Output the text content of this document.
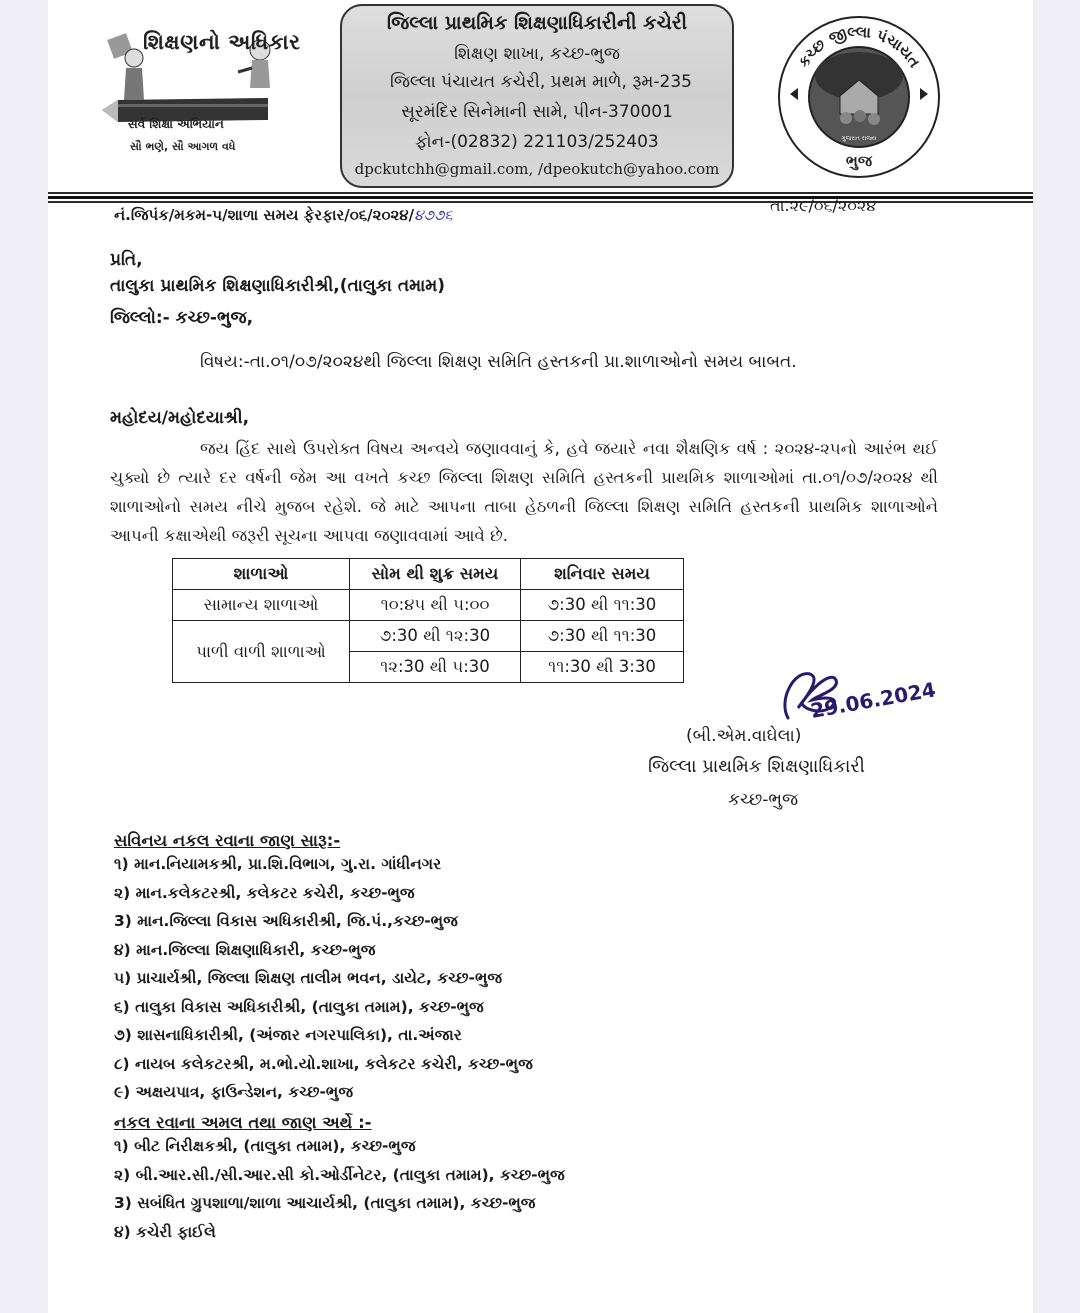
શિક્ષણનો અધિકાર
સર્વ શિક્ષા અભિયાન
સૌ ભણે, સૌ આગળ વધે
જિલ્લા પ્રાથમિક શિક્ષણાધિકારીની કચેરી
શિક્ષણ શાખા, કચ્છ-ભુજ
જિલ્લા પંચાયત કચેરી, પ્રથમ માળે, રૂમ-235
સૂરમંદિર સિનેમાની સામે, પીન-370001
ફોન-(02832) 221103/252403
dpckutchh@gmail.com, /dpeokutch@yahoo.com
કચ્છ જીલ્લા પંચાયત
ભુજ
ગુજરાત રાજ્ય
નં.જિપંક/મકમ-૫/શાળા સમય ફેરફાર/૦૬/૨૦૨૪/૪૭૭૬	તા.૨૯/૦૬/૨૦૨૪
પ્રતિ,
તાલુકા પ્રાથમિક શિક્ષણાધિકારીશ્રી,(તાલુકા તમામ)
જિલ્લો:- કચ્છ-ભુજ,
વિષય:-તા.૦૧/૦૭/૨૦૨૪થી જિલ્લા શિક્ષણ સમિતિ હસ્તકની પ્રા.શાળાઓનો સમય બાબત.
મહોદય/મહોદયાશ્રી,
જય હિંદ સાથે ઉપરોક્ત વિષય અન્વયે જણાવવાનું કે, હવે જયારે નવા શૈક્ષણિક વર્ષ : ૨૦૨૪-૨૫નો આરંભ થઈ ચુક્યો છે ત્યારે દર વર્ષની જેમ આ વખતે કચ્છ જિલ્લા શિક્ષણ સમિતિ હસ્તકની પ્રાથમિક શાળાઓમાં તા.૦૧/૦૭/૨૦૨૪ થી શાળાઓનો સમય નીચે મુજબ રહેશે. જે માટે આપના તાબા હેઠળની જિલ્લા શિક્ષણ સમિતિ હસ્તકની પ્રાથમિક શાળાઓને આપની કક્ષાએથી જરૂરી સૂચના આપવા જણાવવામાં આવે છે.
શાળાઓ	સોમ થી શુક્ર સમય	શનિવાર સમય
સામાન્ય શાળાઓ	૧૦:૪૫ થી ૫:૦૦	૭:30 થી ૧૧:30
પાળી વાળી શાળાઓ	૭:30 થી ૧૨:30	૭:30 થી ૧૧:30
	૧૨:30 થી ૫:30	૧૧:30 થી 3:30
29.06.2024
(બી.એમ.વાઘેલા)
જિલ્લા પ્રાથમિક શિક્ષણાધિકારી
કચ્છ-ભુજ
સવિનય નકલ રવાના જાણ સારૂ:-
૧) માન.નિયામકશ્રી, પ્રા.શિ.વિભાગ, ગુ.રા. ગાંધીનગર
૨) માન.કલેકટરશ્રી, કલેકટર કચેરી, કચ્છ-ભુજ
3) માન.જિલ્લા વિકાસ અધિકારીશ્રી, જિ.પં.,કચ્છ-ભુજ
૪) માન.જિલ્લા શિક્ષણાધિકારી, કચ્છ-ભુજ
૫) પ્રાચાર્યશ્રી, જિલ્લા શિક્ષણ તાલીમ ભવન, ડાયેટ, કચ્છ-ભુજ
૬) તાલુકા વિકાસ અધિકારીશ્રી, (તાલુકા તમામ), કચ્છ-ભુજ
૭) શાસનાધિકારીશ્રી, (અંજાર નગરપાલિકા), તા.અંજાર
૮) નાયબ કલેકટરશ્રી, મ.ભો.યો.શાખા, કલેકટર કચેરી, કચ્છ-ભુજ
૯) અક્ષયપાત્ર, ફાઉન્ડેશન, કચ્છ-ભુજ
નકલ રવાના અમલ તથા જાણ અર્થે :-
૧) બીટ નિરીક્ષકશ્રી, (તાલુકા તમામ), કચ્છ-ભુજ
૨) બી.આર.સી./સી.આર.સી કો.ઓર્ડીનેટર, (તાલુકા તમામ), કચ્છ-ભુજ
3) સબંધિત ગ્રુપશાળા/શાળા આચાર્યશ્રી, (તાલુકા તમામ), કચ્છ-ભુજ
૪) કચેરી ફાઈલે
